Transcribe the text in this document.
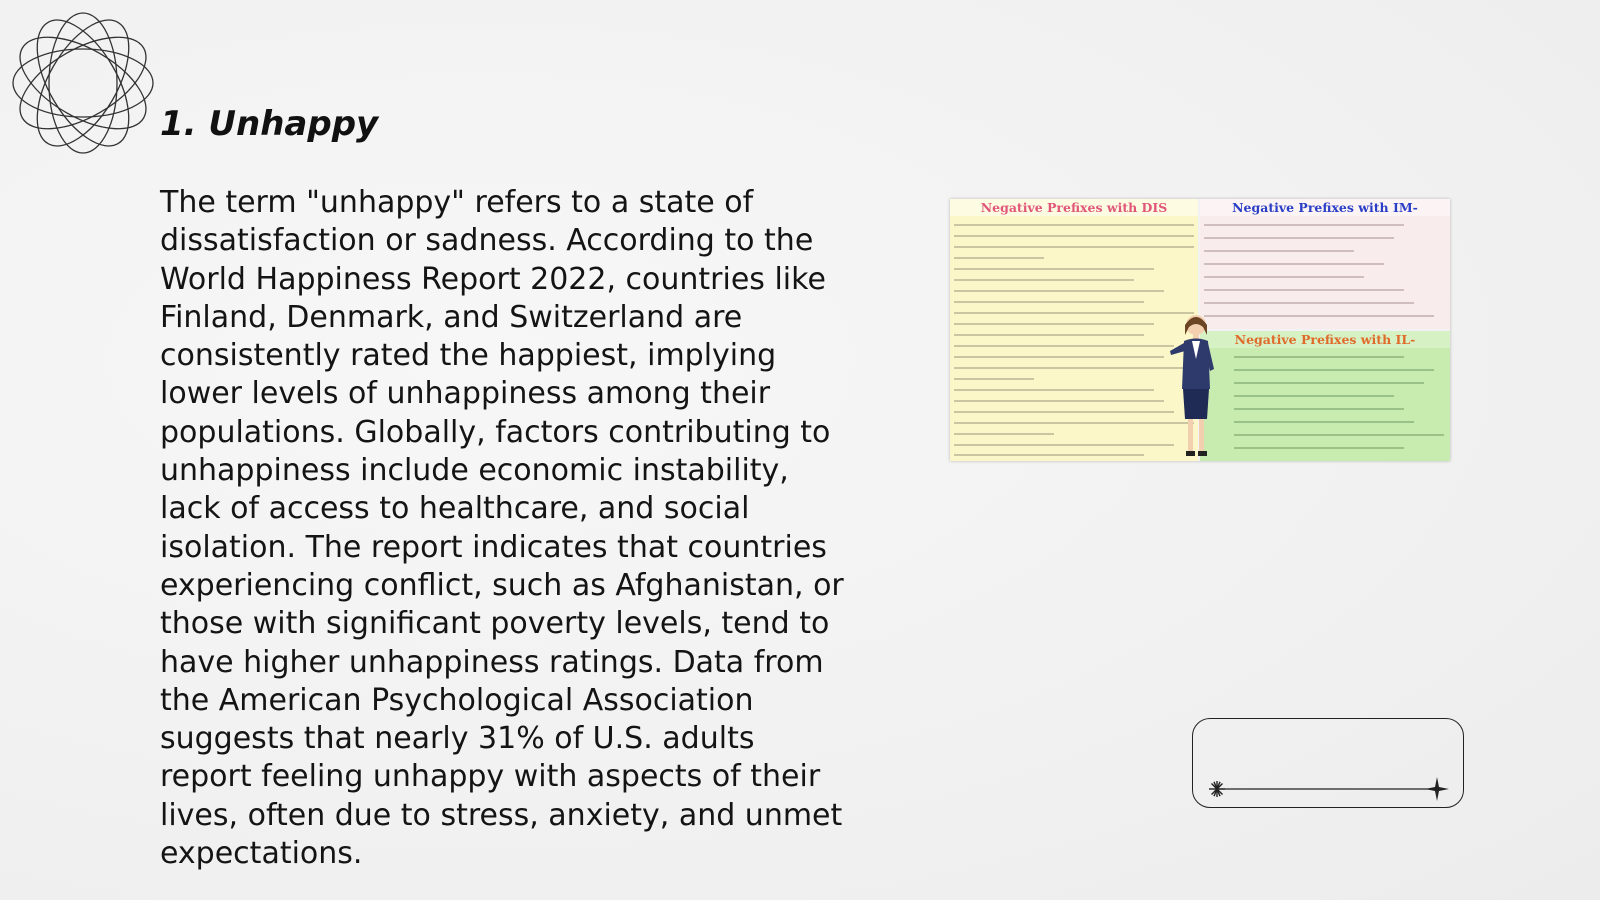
1. Unhappy

The term "unhappy" refers to a state of dissatisfaction or sadness. According to the World Happiness Report 2022, countries like Finland, Denmark, and Switzerland are consistently rated the happiest, implying lower levels of unhappiness among their populations. Globally, factors contributing to unhappiness include economic instability, lack of access to healthcare, and social isolation. The report indicates that countries experiencing conflict, such as Afghanistan, or those with significant poverty levels, tend to have higher unhappiness ratings. Data from the American Psychological Association suggests that nearly 31% of U.S. adults report feeling unhappy with aspects of their lives, often due to stress, anxiety, and unmet expectations.

Negative Prefixes with DIS	Negative Prefixes with IM-
Negative Prefixes with IL-
